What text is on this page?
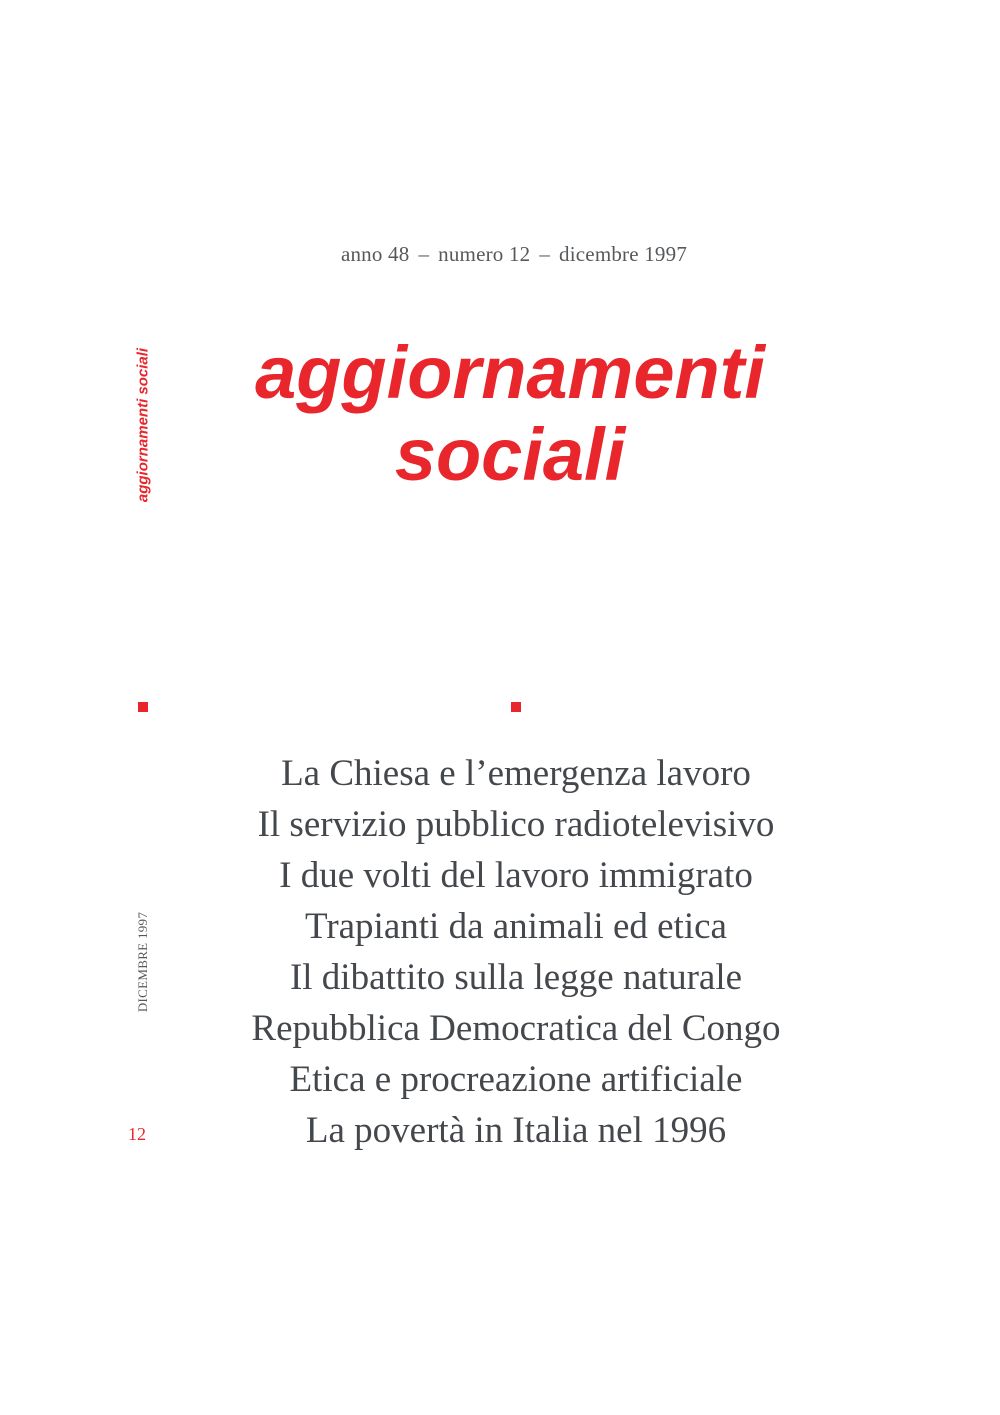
anno 48 – numero 12 – dicembre 1997
aggiornamenti
sociali
aggiornamenti sociali
La Chiesa e l’emergenza lavoro
Il servizio pubblico radiotelevisivo
I due volti del lavoro immigrato
Trapianti da animali ed etica
Il dibattito sulla legge naturale
Repubblica Democratica del Congo
Etica e procreazione artificiale
La povertà in Italia nel 1996
DICEMBRE 1997
12
